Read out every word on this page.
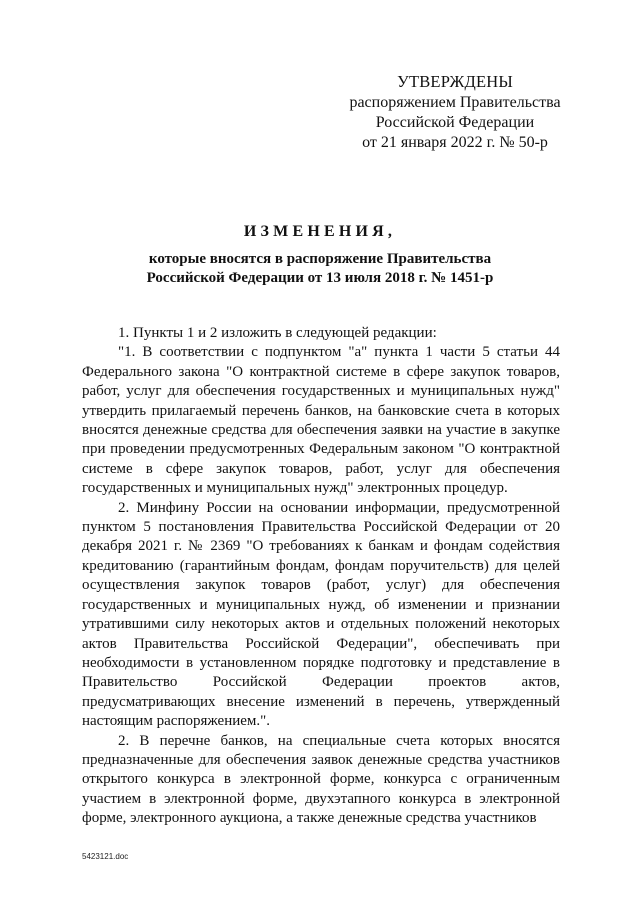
УТВЕРЖДЕНЫ
распоряжением Правительства
Российской Федерации
от 21 января 2022 г. № 50-р
ИЗМЕНЕНИЯ,
которые вносятся в распоряжение Правительства
Российской Федерации от 13 июля 2018 г. № 1451-р

1. Пункты 1 и 2 изложить в следующей редакции:

"1. В соответствии с подпунктом "а" пункта 1 части 5 статьи 44 Федерального закона "О контрактной системе в сфере закупок товаров, работ, услуг для обеспечения государственных и муниципальных нужд" утвердить прилагаемый перечень банков, на банковские счета в которых вносятся денежные средства для обеспечения заявки на участие в закупке при проведении предусмотренных Федеральным законом "О контрактной системе в сфере закупок товаров, работ, услуг для обеспечения государственных и муниципальных нужд" электронных процедур.

2. Минфину России на основании информации, предусмотренной пунктом 5 постановления Правительства Российской Федерации от 20 декабря 2021 г. № 2369 "О требованиях к банкам и фондам содействия кредитованию (гарантийным фондам, фондам поручительств) для целей осуществления закупок товаров (работ, услуг) для обеспечения государственных и муниципальных нужд, об изменении и признании утратившими силу некоторых актов и отдельных положений некоторых актов Правительства Российской Федерации", обеспечивать при необходимости в установленном порядке подготовку и представление в Правительство Российской Федерации проектов актов, предусматривающих внесение изменений в перечень, утвержденный настоящим распоряжением.".

2. В перечне банков, на специальные счета которых вносятся предназначенные для обеспечения заявок денежные средства участников открытого конкурса в электронной форме, конкурса с ограниченным участием в электронной форме, двухэтапного конкурса в электронной форме, электронного аукциона, а также денежные средства участников

5423121.doc
